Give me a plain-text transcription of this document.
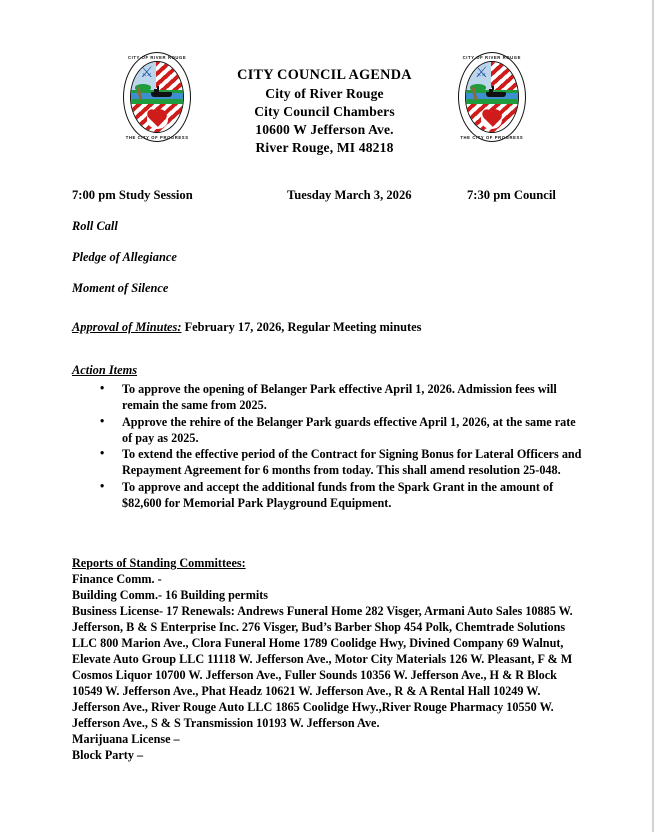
CITY OF RIVER ROUGE
THE CITY OF PROGRESS
⚔	CITY COUNCIL AGENDA
City of River Rouge
City Council Chambers
10600 W Jefferson Ave.
River Rouge, MI 48218
CITY OF RIVER ROUGE
THE CITY OF PROGRESS
⚔
7:00 pm Study Session	Tuesday March 3, 2026	7:30 pm Council
Roll Call
Pledge of Allegiance
Moment of Silence
Approval of Minutes: February 17, 2026, Regular Meeting minutes
Action Items
• To approve the opening of Belanger Park effective April 1, 2026. Admission fees will remain the same from 2025.
• Approve the rehire of the Belanger Park guards effective April 1, 2026, at the same rate of pay as 2025.
• To extend the effective period of the Contract for Signing Bonus for Lateral Officers and Repayment Agreement for 6 months from today. This shall amend resolution 25-048.
• To approve and accept the additional funds from the Spark Grant in the amount of $82,600 for Memorial Park Playground Equipment.

Reports of Standing Committees:

Finance Comm. -

Building Comm.- 16 Building permits

Business License- 17 Renewals: Andrews Funeral Home 282 Visger, Armani Auto Sales 10885 W. Jefferson, B & S Enterprise Inc. 276 Visger, Bud’s Barber Shop 454 Polk, Chemtrade Solutions LLC 800 Marion Ave., Clora Funeral Home 1789 Coolidge Hwy, Divined Company 69 Walnut, Elevate Auto Group LLC 11118 W. Jefferson Ave., Motor City Materials 126 W. Pleasant, F & M Cosmos Liquor 10700 W. Jefferson Ave., Fuller Sounds 10356 W. Jefferson Ave., H & R Block 10549 W. Jefferson Ave., Phat Headz 10621 W. Jefferson Ave., R & A Rental Hall 10249 W. Jefferson Ave., River Rouge Auto LLC 1865 Coolidge Hwy.,River Rouge Pharmacy 10550 W. Jefferson Ave., S & S Transmission 10193 W. Jefferson Ave.

Marijuana License –

Block Party –
